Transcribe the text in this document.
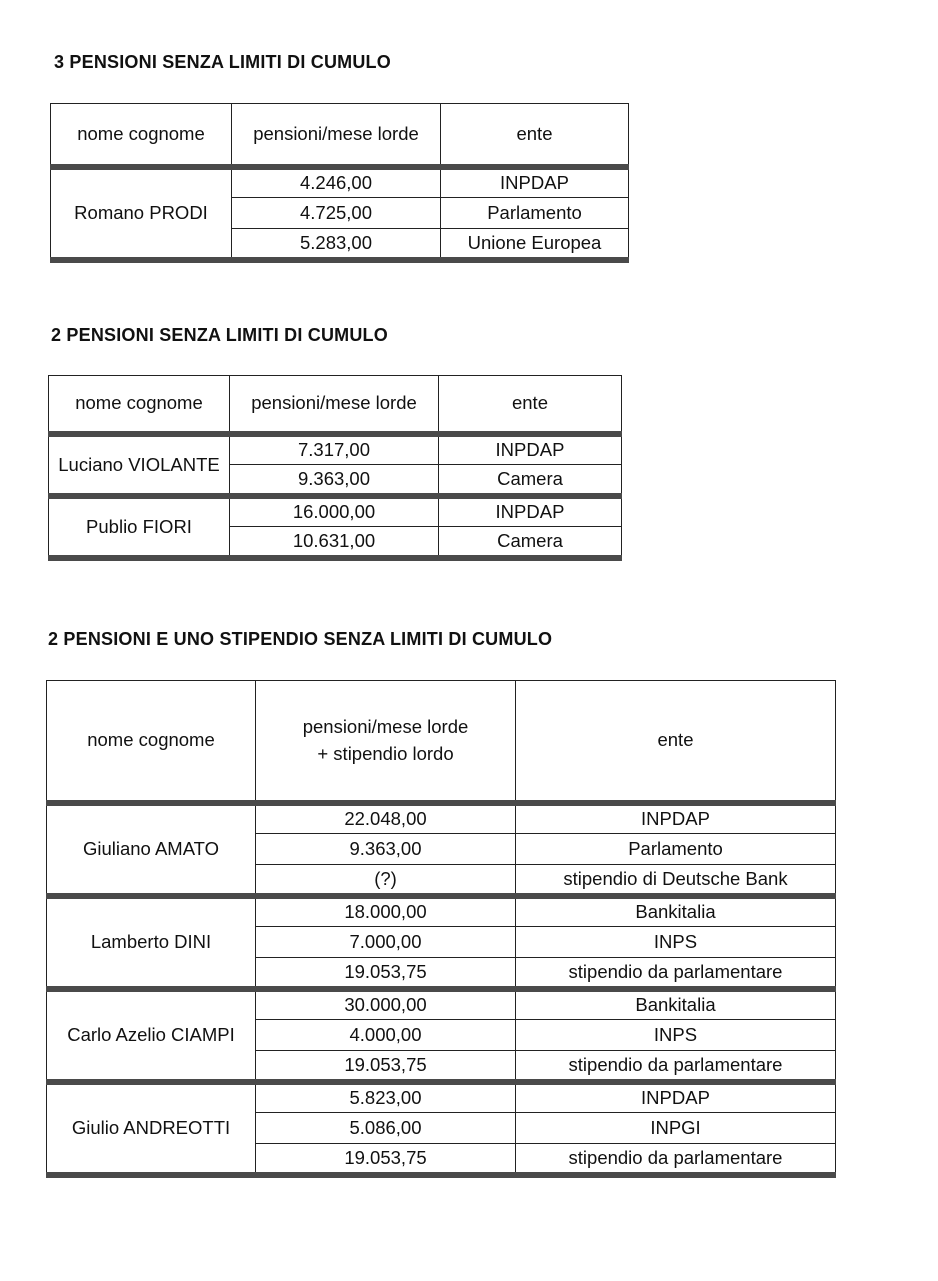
3 PENSIONI SENZA LIMITI DI CUMULO
nome cognome	pensioni/mese lorde	ente
Romano PRODI	4.246,00	INPDAP
	4.725,00	Parlamento
	5.283,00	Unione Europea
2 PENSIONI SENZA LIMITI DI CUMULO
nome cognome	pensioni/mese lorde	ente
Luciano VIOLANTE	7.317,00	INPDAP
	9.363,00	Camera
Publio FIORI	16.000,00	INPDAP
	10.631,00	Camera
2 PENSIONI E UNO STIPENDIO SENZA LIMITI DI CUMULO
nome cognome	pensioni/mese lorde + stipendio lordo	ente
Giuliano AMATO	22.048,00	INPDAP
	9.363,00	Parlamento
	(?)	stipendio di Deutsche Bank
Lamberto DINI	18.000,00	Bankitalia
	7.000,00	INPS
	19.053,75	stipendio da parlamentare
Carlo Azelio CIAMPI	30.000,00	Bankitalia
	4.000,00	INPS
	19.053,75	stipendio da parlamentare
Giulio ANDREOTTI	5.823,00	INPDAP
	5.086,00	INPGI
	19.053,75	stipendio da parlamentare
